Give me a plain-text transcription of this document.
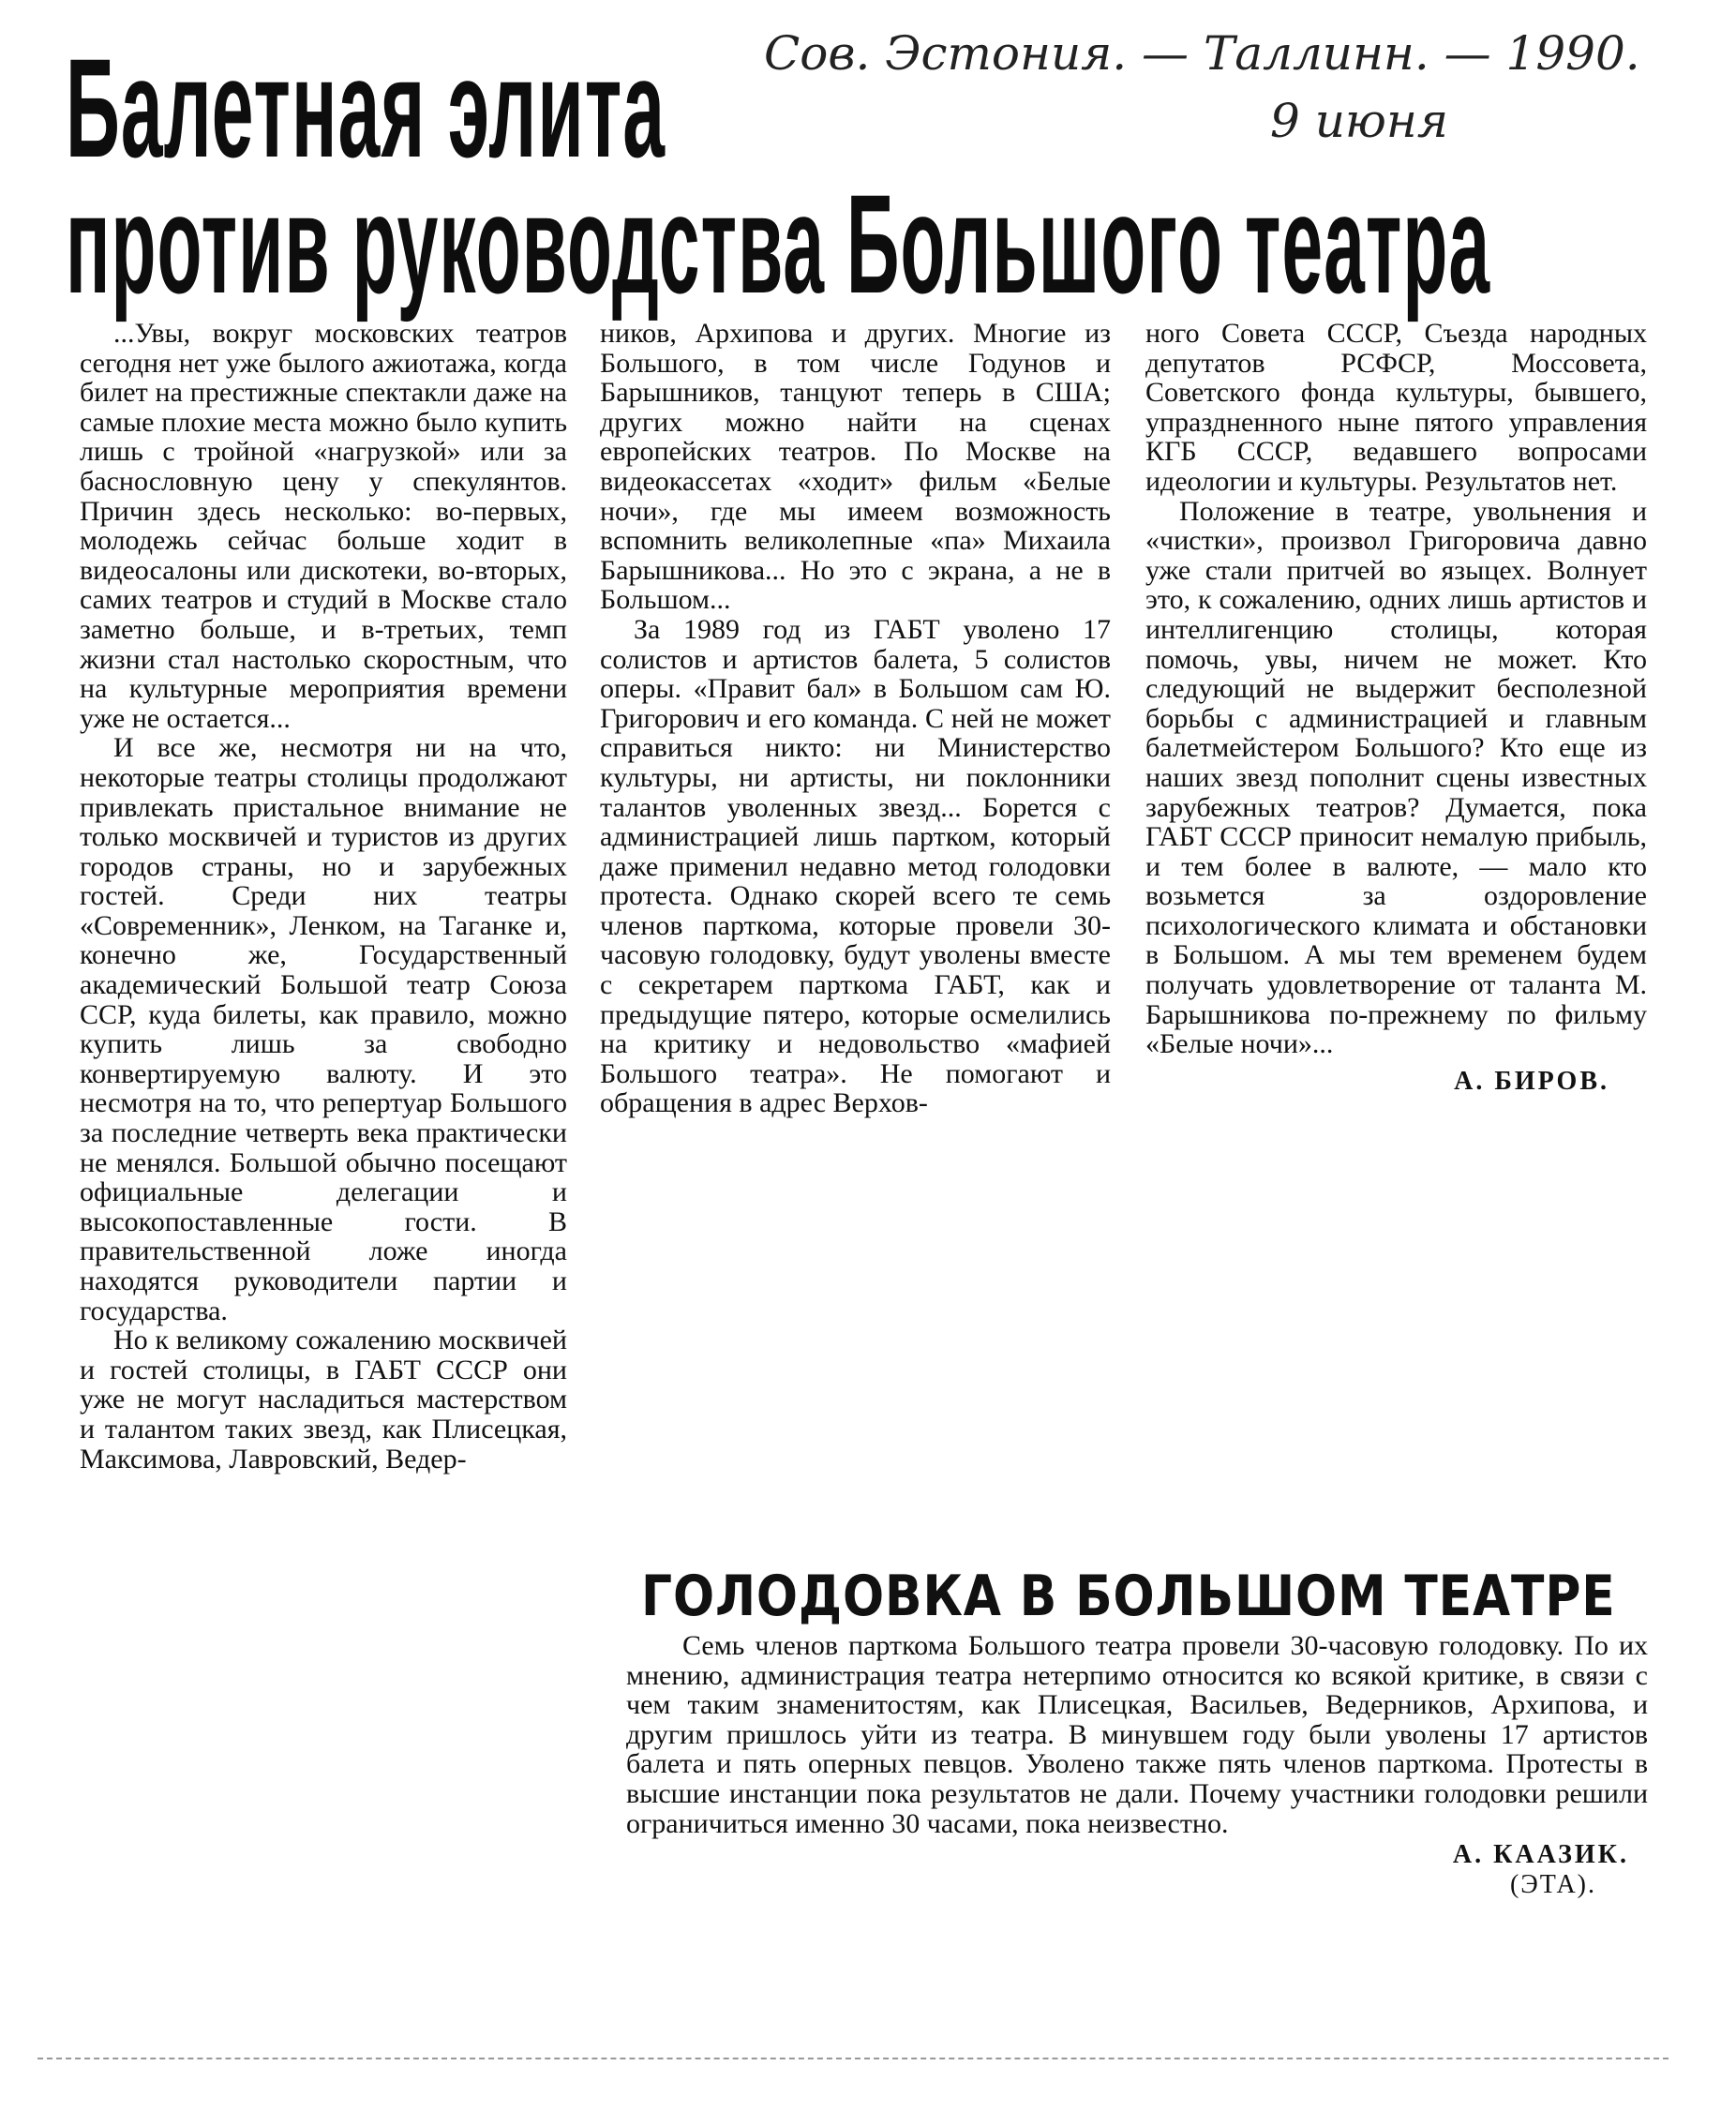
Сов. Эстония. — Таллинн. — 1990.
9 июня
Балетная элита
против руководства Большого театра

...Увы, вокруг московских театров сегодня нет уже былого ажиотажа, когда билет на престижные спектакли даже на самые плохие места можно было купить лишь с тройной «нагрузкой» или за баснословную цену у спекулянтов. Причин здесь несколько: во-первых, молодежь сейчас больше ходит в видеосалоны или дискотеки, во-вторых, самих театров и студий в Москве стало заметно больше, и в-третьих, темп жизни стал настолько скоростным, что на культурные мероприятия времени уже не остается...

И все же, несмотря ни на что, некоторые театры столицы продолжают привлекать пристальное внимание не только москвичей и туристов из других городов страны, но и зарубежных гостей. Среди них театры «Современник», Ленком, на Таганке и, конечно же, Государственный академический Большой театр Союза ССР, куда билеты, как правило, можно купить лишь за свободно конвертируемую валюту. И это несмотря на то, что репертуар Большого за последние четверть века практически не менялся. Большой обычно посещают официальные делегации и высокопоставленные гости. В правительственной ложе иногда находятся руководители партии и государства.

Но к великому сожалению москвичей и гостей столицы, в ГАБТ СССР они уже не могут насладиться мастерством и талантом таких звезд, как Плисецкая, Максимова, Лавровский, Ведер-

ников, Архипова и других. Многие из Большого, в том числе Годунов и Барышников, танцуют теперь в США; других можно найти на сценах европейских театров. По Москве на видеокассетах «ходит» фильм «Белые ночи», где мы имеем возможность вспомнить великолепные «па» Михаила Барышникова... Но это с экрана, а не в Большом...

За 1989 год из ГАБТ уволено 17 солистов и артистов балета, 5 солистов оперы. «Правит бал» в Большом сам Ю. Григорович и его команда. С ней не может справиться никто: ни Министерство культуры, ни артисты, ни поклонники талантов уволенных звезд... Борется с администрацией лишь партком, который даже применил недавно метод голодовки протеста. Однако скорей всего те семь членов парткома, которые провели 30-часовую голодовку, будут уволены вместе с секретарем парткома ГАБТ, как и предыдущие пятеро, которые осмелились на критику и недовольство «мафией Большого театра». Не помогают и обращения в адрес Верхов-

ного Совета СССР, Съезда народных депутатов РСФСР, Моссовета, Советского фонда культуры, бывшего, упраздненного ныне пятого управления КГБ СССР, ведавшего вопросами идеологии и культуры. Результатов нет.

Положение в театре, увольнения и «чистки», произвол Григоровича давно уже стали притчей во языцех. Волнует это, к сожалению, одних лишь артистов и интеллигенцию столицы, которая помочь, увы, ничем не может. Кто следующий не выдержит бесполезной борьбы с администрацией и главным балетмейстером Большого? Кто еще из наших звезд пополнит сцены известных зарубежных театров? Думается, пока ГАБТ СССР приносит немалую прибыль, и тем более в валюте, — мало кто возьмется за оздоровление психологического климата и обстановки в Большом. А мы тем временем будем получать удовлетворение от таланта М. Барышникова по-прежнему по фильму «Белые ночи»...

А. БИРОВ.
ГОЛОДОВКА В БОЛЬШОМ ТЕАТРЕ

Семь членов парткома Большого театра провели 30-часовую голодовку. По их мнению, администрация театра нетерпимо относится ко всякой критике, в связи с чем таким знаменитостям, как Плисецкая, Васильев, Ведерников, Архипова, и другим пришлось уйти из театра. В минувшем году были уволены 17 артистов балета и пять оперных певцов. Уволено также пять членов парткома. Протесты в высшие инстанции пока результатов не дали. Почему участники голодовки решили ограничиться именно 30 часами, пока неизвестно.

А. КААЗИК.
(ЭТА).
